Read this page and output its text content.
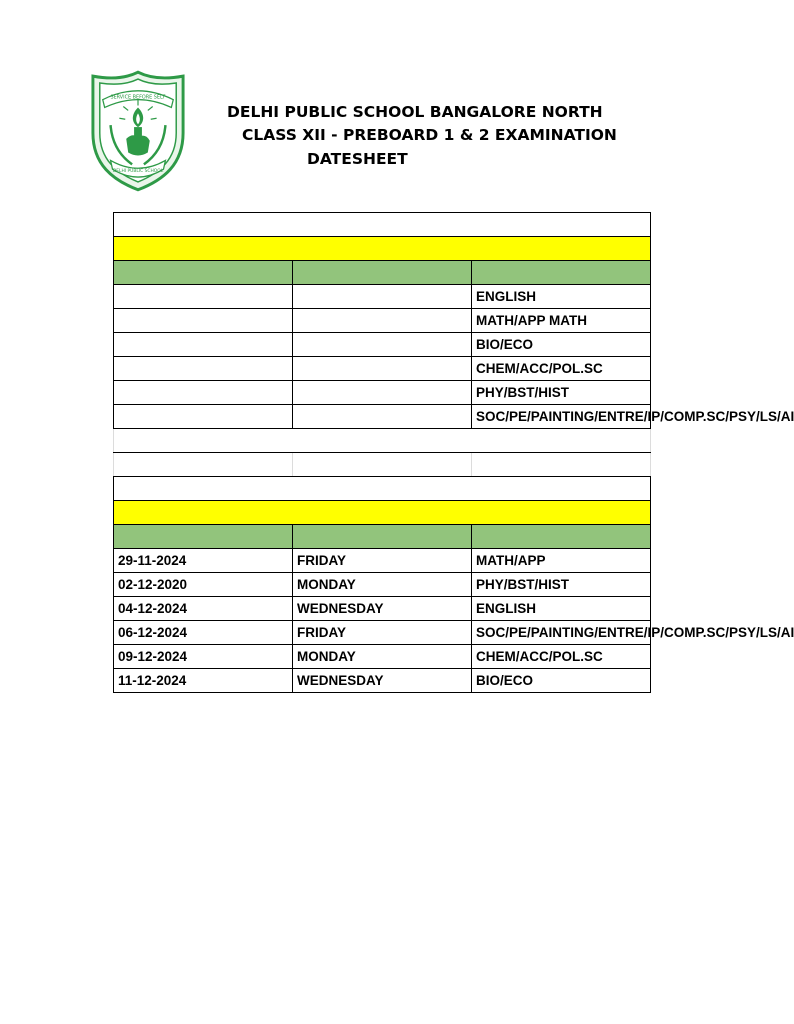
SERVICE BEFORE SELF
DELHI PUBLIC SCHOOL
DELHI PUBLIC SCHOOL BANGALORE NORTH
CLASS XII - PREBOARD 1 & 2 EXAMINATION
DATESHEET

		ENGLISH
		MATH/APP MATH
		BIO/ECO
		CHEM/ACC/POL.SC
		PHY/BST/HIST
		SOC/PE/PAINTING/ENTRE/IP/COMP.SC/PSY/LS/AI

29-11-2024	FRIDAY	MATH/APP
02-12-2020	MONDAY	PHY/BST/HIST
04-12-2024	WEDNESDAY	ENGLISH
06-12-2024	FRIDAY	SOC/PE/PAINTING/ENTRE/IP/COMP.SC/PSY/LS/AI
09-12-2024	MONDAY	CHEM/ACC/POL.SC
11-12-2024	WEDNESDAY	BIO/ECO
